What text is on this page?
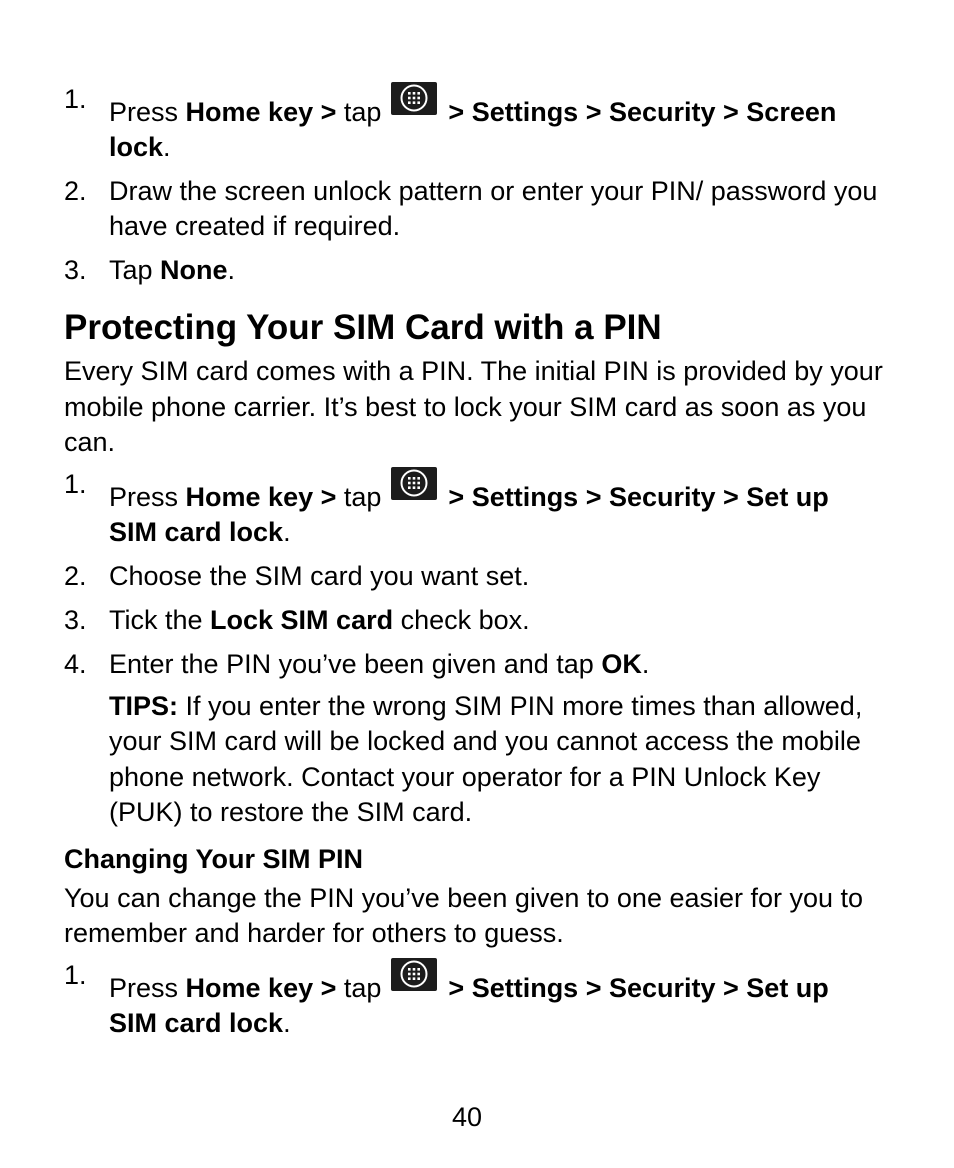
1. Press Home key > tap
> Settings > Security > Screen lock.
2. Draw the screen unlock pattern or enter your PIN/ password you have created if required.
3. Tap None.
Protecting Your SIM Card with a PIN

Every SIM card comes with a PIN. The initial PIN is provided by your mobile phone carrier. It’s best to lock your SIM card as soon as you can.

1. Press Home key > tap
> Settings > Security > Set up SIM card lock.
2. Choose the SIM card you want set.
3. Tick the Lock SIM card check box.
4. Enter the PIN you’ve been given and tap OK.
TIPS: If you enter the wrong SIM PIN more times than allowed, your SIM card will be locked and you cannot access the mobile phone network. Contact your operator for a PIN Unlock Key (PUK) to restore the SIM card.
Changing Your SIM PIN

You can change the PIN you’ve been given to one easier for you to remember and harder for others to guess.

1. Press Home key > tap
> Settings > Security > Set up SIM card lock.
40
